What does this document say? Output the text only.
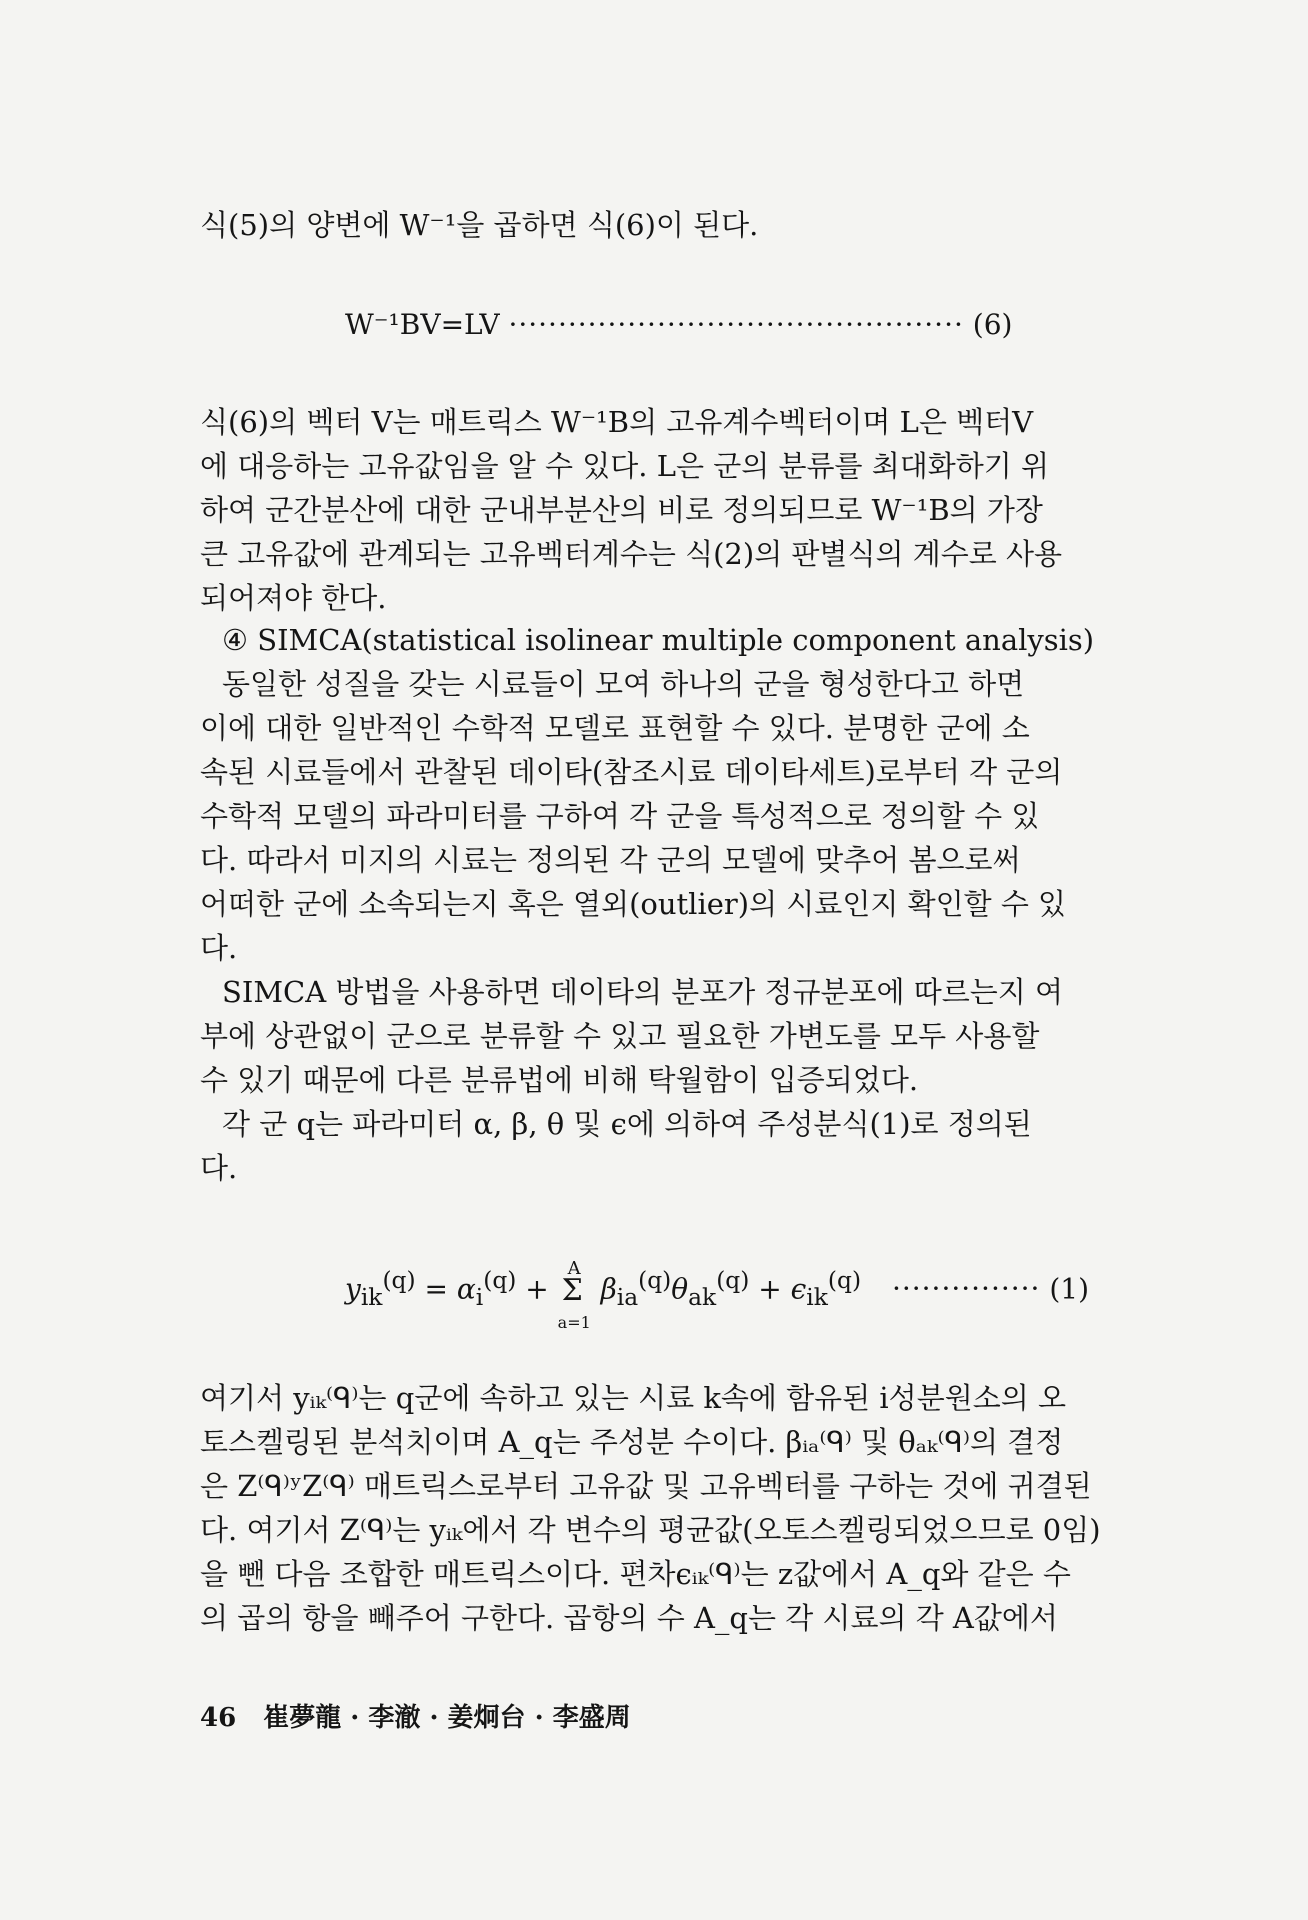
식(5)의 양변에 W⁻¹을 곱하면 식(6)이 된다.
W⁻¹BV=LV ·············································· (6)
식(6)의 벡터 V는 매트릭스 W⁻¹B의 고유계수벡터이며 L은 벡터V
에 대응하는 고유값임을 알 수 있다. L은 군의 분류를 최대화하기 위
하여 군간분산에 대한 군내부분산의 비로 정의되므로 W⁻¹B의 가장
큰 고유값에 관계되는 고유벡터계수는 식(2)의 판별식의 계수로 사용
되어져야 한다.
④ SIMCA(statistical isolinear multiple component analysis)
동일한 성질을 갖는 시료들이 모여 하나의 군을 형성한다고 하면
이에 대한 일반적인 수학적 모델로 표현할 수 있다. 분명한 군에 소
속된 시료들에서 관찰된 데이타(참조시료 데이타세트)로부터 각 군의
수학적 모델의 파라미터를 구하여 각 군을 특성적으로 정의할 수 있
다. 따라서 미지의 시료는 정의된 각 군의 모델에 맞추어 봄으로써
어떠한 군에 소속되는지 혹은 열외(outlier)의 시료인지 확인할 수 있
다.
SIMCA 방법을 사용하면 데이타의 분포가 정규분포에 따르는지 여
부에 상관없이 군으로 분류할 수 있고 필요한 가변도를 모두 사용할
수 있기 때문에 다른 분류법에 비해 탁월함이 입증되었다.
각 군 q는 파라미터 α, β, θ 및 ϵ에 의하여 주성분식(1)로 정의된
다.
$y_{ik}^{(q)} = \alpha_i^{(q)}$ +
A
Σ
a=1
$\beta_{ia}^{(q)}\theta_{ak}^{(q)} + \epsilon_{ik}^{(q)}$ ··············· (1)
여기서 yᵢₖ⁽ᑫ⁾는 q군에 속하고 있는 시료 k속에 함유된 i성분원소의 오
토스켈링된 분석치이며 A_q는 주성분 수이다. βᵢₐ⁽ᑫ⁾ 및 θₐₖ⁽ᑫ⁾의 결정
은 Z⁽ᑫ⁾ʸZ⁽ᑫ⁾ 매트릭스로부터 고유값 및 고유벡터를 구하는 것에 귀결된
다. 여기서 Z⁽ᑫ⁾는 yᵢₖ에서 각 변수의 평균값(오토스켈링되었으므로 0임)
을 뺀 다음 조합한 매트릭스이다. 편차ϵᵢₖ⁽ᑫ⁾는 z값에서 A_q와 같은 수
의 곱의 항을 빼주어 구한다. 곱항의 수 A_q는 각 시료의 각 A값에서
46 崔夢龍 · 李澈 · 姜炯台 · 李盛周
